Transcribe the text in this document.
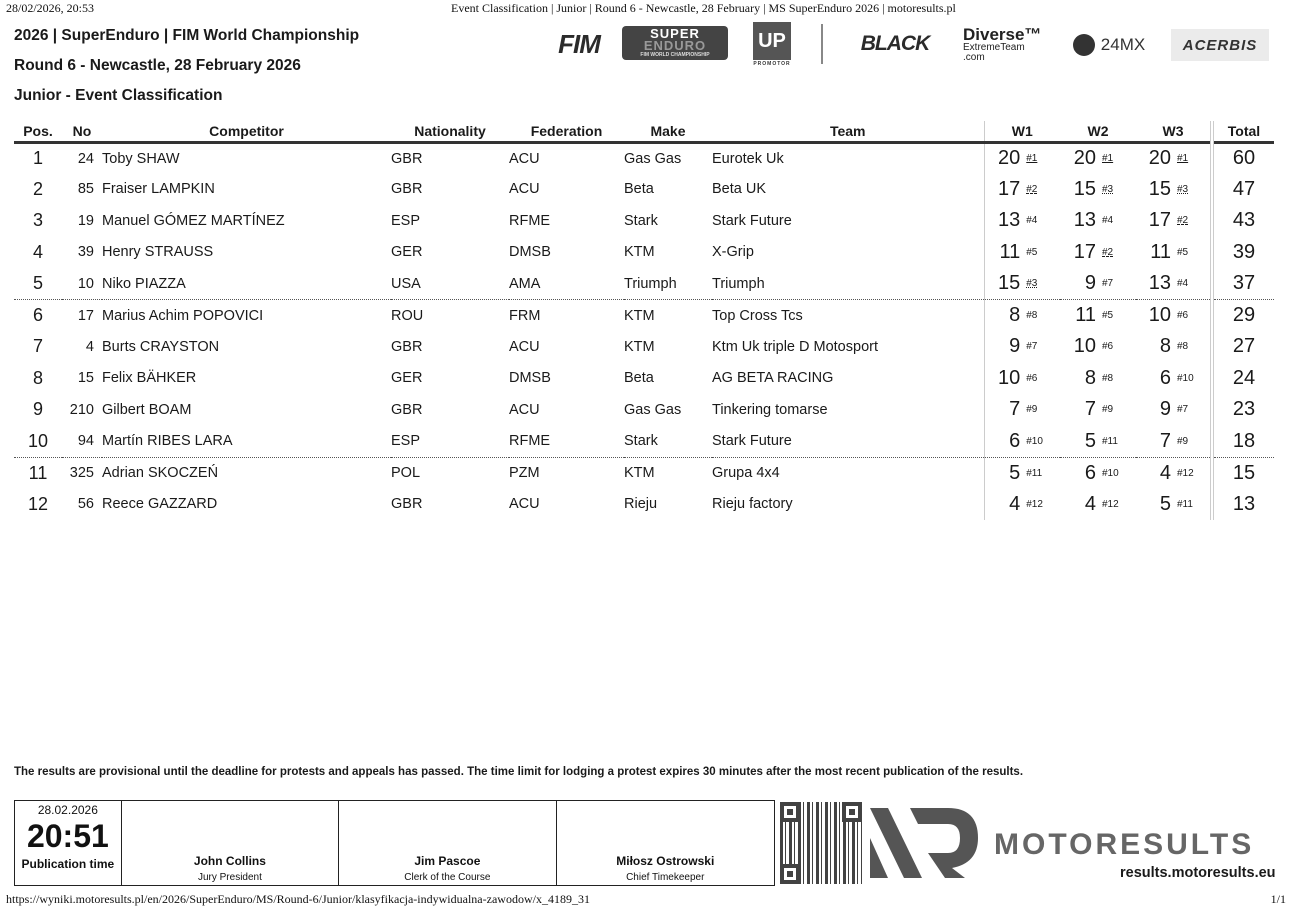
28/02/2026, 20:53	Event Classification | Junior | Round 6 - Newcastle, 28 February | MS SuperEnduro 2026 | motoresults.pl
2026 | SuperEnduro | FIM World Championship
Round 6 - Newcastle, 28 February 2026
Junior - Event Classification
FIM	SUPER
ENDURO
FIM WORLD CHAMPIONSHIP
UP
PROMOTOR
BLACK	Diverse™
ExtremeTeam
.com
24MX	ACERBIS
Pos.	No	Competitor	Nationality	Federation	Make	Team	W1	W2	W3	Total
1	24	Toby SHAW	GBR	ACU	Gas Gas	Eurotek Uk	20 #1	20 #1	20 #1	60
2	85	Fraiser LAMPKIN	GBR	ACU	Beta	Beta UK	17 #2	15 #3	15 #3	47
3	19	Manuel GÓMEZ MARTÍNEZ	ESP	RFME	Stark	Stark Future	13 #4	13 #4	17 #2	43
4	39	Henry STRAUSS	GER	DMSB	KTM	X-Grip	11 #5	17 #2	11 #5	39
5	10	Niko PIAZZA	USA	AMA	Triumph	Triumph	15 #3	9 #7	13 #4	37
6	17	Marius Achim POPOVICI	ROU	FRM	KTM	Top Cross Tcs	8 #8	11 #5	10 #6	29
7	4	Burts CRAYSTON	GBR	ACU	KTM	Ktm Uk triple D Motosport	9 #7	10 #6	8 #8	27
8	15	Felix BÄHKER	GER	DMSB	Beta	AG BETA RACING	10 #6	8 #8	6 #10	24
9	210	Gilbert BOAM	GBR	ACU	Gas Gas	Tinkering tomarse	7 #9	7 #9	9 #7	23
10	94	Martín RIBES LARA	ESP	RFME	Stark	Stark Future	6 #10	5 #11	7 #9	18
11	325	Adrian SKOCZEŃ	POL	PZM	KTM	Grupa 4x4	5 #11	6 #10	4 #12	15
12	56	Reece GAZZARD	GBR	ACU	Rieju	Rieju factory	4 #12	4 #12	5 #11	13
The results are provisional until the deadline for protests and appeals has passed. The time limit for lodging a protest expires 30 minutes after the most recent publication of the results.
28.02.2026
20:51
Publication time	John Collins
Jury President
Jim Pascoe
Clerk of the Course
Miłosz Ostrowski
Chief Timekeeper
MOTORESULTS
results.motoresults.eu
https://wyniki.motoresults.pl/en/2026/SuperEnduro/MS/Round-6/Junior/klasyfikacja-indywidualna-zawodow/x_4189_31	1/1
